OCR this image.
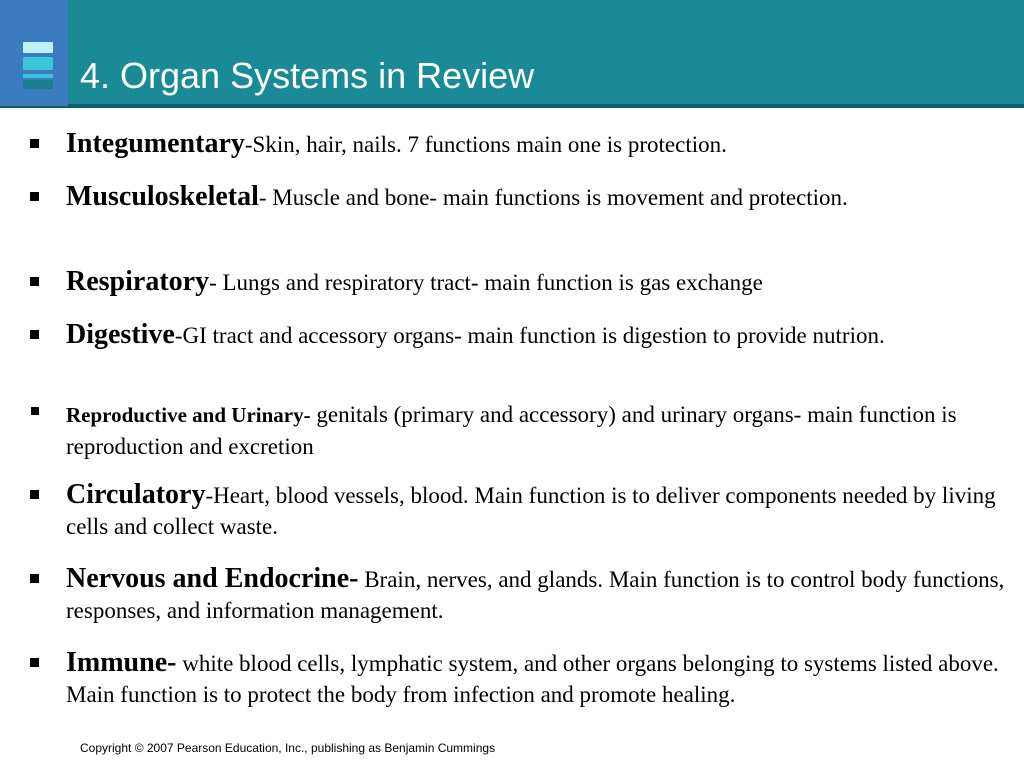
4. Organ Systems in Review
Integumentary-Skin, hair, nails. 7 functions main one is protection.
Musculoskeletal- Muscle and bone- main functions is movement and protection.
Respiratory- Lungs and respiratory tract- main function is gas exchange
Digestive-GI tract and accessory organs- main function is digestion to provide nutrion.
Reproductive and Urinary- genitals (primary and accessory) and urinary organs- main function is reproduction and excretion
Circulatory-Heart, blood vessels, blood. Main function is to deliver components needed by living cells and collect waste.
Nervous and Endocrine- Brain, nerves, and glands. Main function is to control body functions, responses, and information management.
Immune- white blood cells, lymphatic system, and other organs belonging to systems listed above. Main function is to protect the body from infection and promote healing.
Copyright © 2007 Pearson Education, Inc., publishing as Benjamin Cummings
